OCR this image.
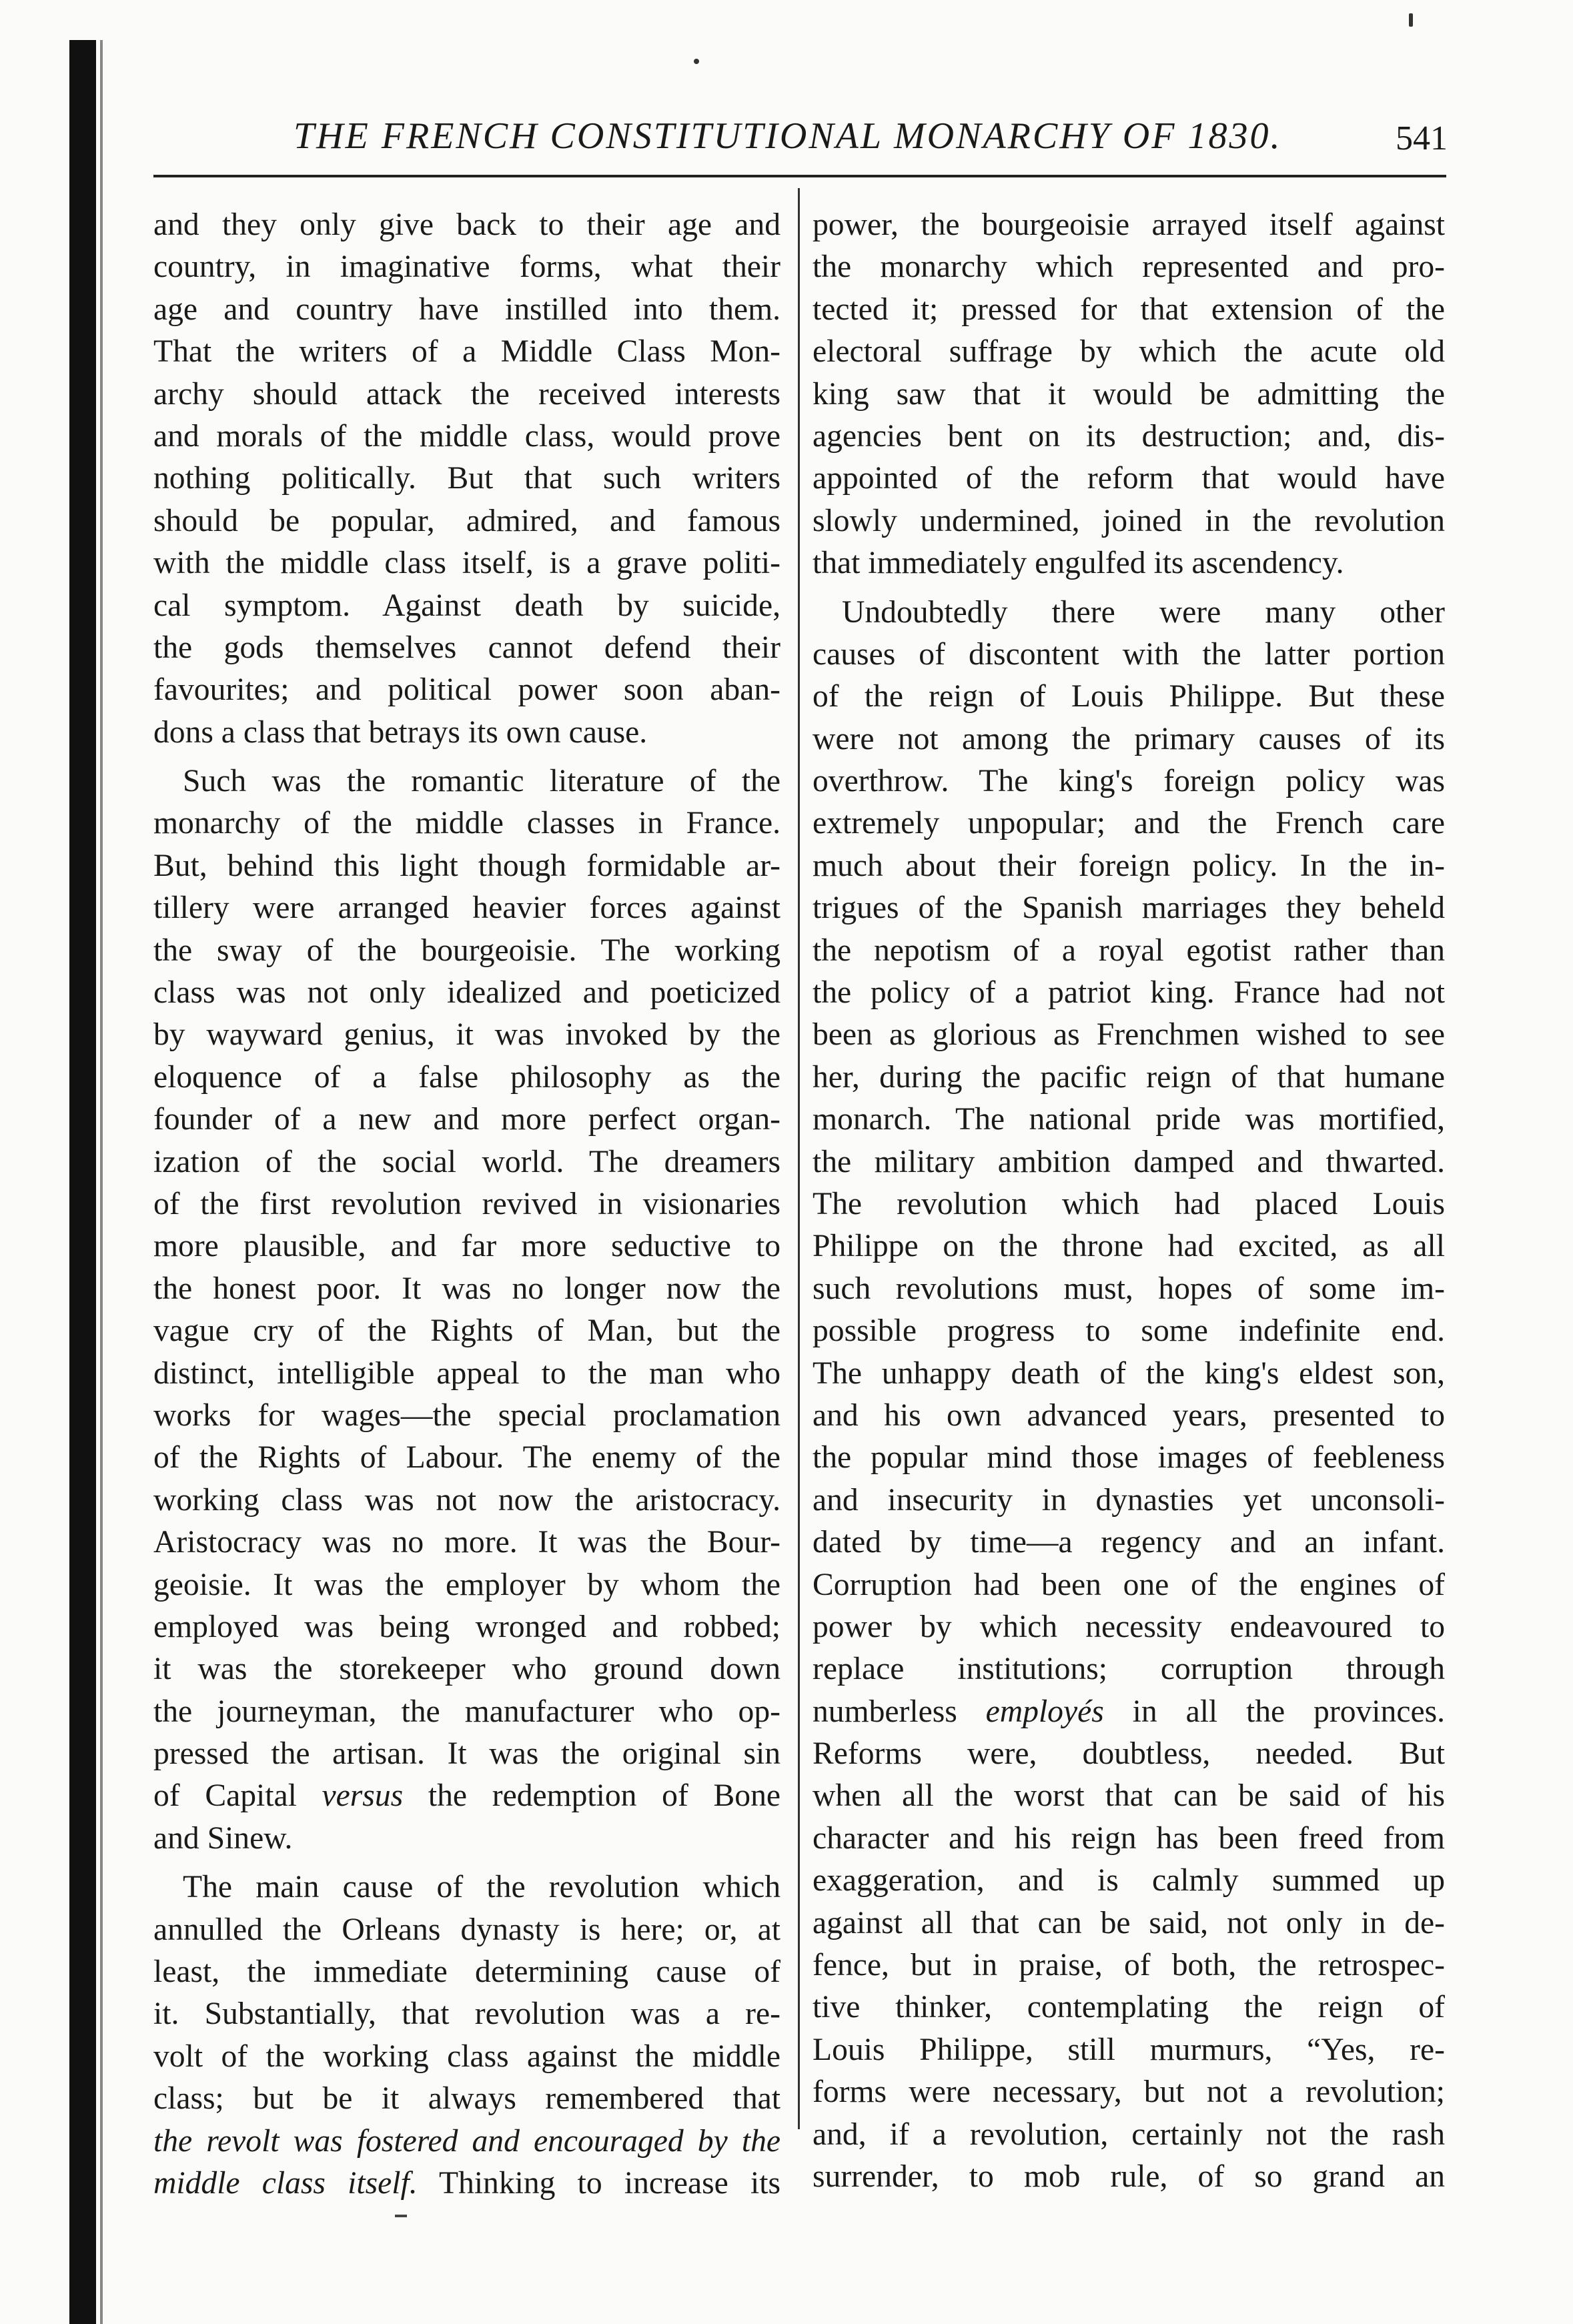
THE FRENCH CONSTITUTIONAL MONARCHY OF 1830.	541
and they only give back to their age and
country, in imaginative forms, what their
age and country have instilled into them.
That the writers of a Middle Class Mon-
archy should attack the received interests
and morals of the middle class, would prove
nothing politically. But that such writers
should be popular, admired, and famous
with the middle class itself, is a grave politi-
cal symptom. Against death by suicide,
the gods themselves cannot defend their
favourites; and political power soon aban-
dons a class that betrays its own cause.
Such was the romantic literature of the
monarchy of the middle classes in France.
But, behind this light though formidable ar-
tillery were arranged heavier forces against
the sway of the bourgeoisie. The working
class was not only idealized and poeticized
by wayward genius, it was invoked by the
eloquence of a false philosophy as the
founder of a new and more perfect organ-
ization of the social world. The dreamers
of the first revolution revived in visionaries
more plausible, and far more seductive to
the honest poor. It was no longer now the
vague cry of the Rights of Man, but the
distinct, intelligible appeal to the man who
works for wages—the special proclamation
of the Rights of Labour. The enemy of the
working class was not now the aristocracy.
Aristocracy was no more. It was the Bour-
geoisie. It was the employer by whom the
employed was being wronged and robbed;
it was the storekeeper who ground down
the journeyman, the manufacturer who op-
pressed the artisan. It was the original sin
of Capital versus the redemption of Bone
and Sinew.
The main cause of the revolution which
annulled the Orleans dynasty is here; or, at
least, the immediate determining cause of
it. Substantially, that revolution was a re-
volt of the working class against the middle
class; but be it always remembered that
the revolt was fostered and encouraged by the
middle class itself. Thinking to increase its
power, the bourgeoisie arrayed itself against
the monarchy which represented and pro-
tected it; pressed for that extension of the
electoral suffrage by which the acute old
king saw that it would be admitting the
agencies bent on its destruction; and, dis-
appointed of the reform that would have
slowly undermined, joined in the revolution
that immediately engulfed its ascendency.
Undoubtedly there were many other
causes of discontent with the latter portion
of the reign of Louis Philippe. But these
were not among the primary causes of its
overthrow. The king's foreign policy was
extremely unpopular; and the French care
much about their foreign policy. In the in-
trigues of the Spanish marriages they beheld
the nepotism of a royal egotist rather than
the policy of a patriot king. France had not
been as glorious as Frenchmen wished to see
her, during the pacific reign of that humane
monarch. The national pride was mortified,
the military ambition damped and thwarted.
The revolution which had placed Louis
Philippe on the throne had excited, as all
such revolutions must, hopes of some im-
possible progress to some indefinite end.
The unhappy death of the king's eldest son,
and his own advanced years, presented to
the popular mind those images of feebleness
and insecurity in dynasties yet unconsoli-
dated by time—a regency and an infant.
Corruption had been one of the engines of
power by which necessity endeavoured to
replace institutions; corruption through
numberless employés in all the provinces.
Reforms were, doubtless, needed. But
when all the worst that can be said of his
character and his reign has been freed from
exaggeration, and is calmly summed up
against all that can be said, not only in de-
fence, but in praise, of both, the retrospec-
tive thinker, contemplating the reign of
Louis Philippe, still murmurs, “Yes, re-
forms were necessary, but not a revolution;
and, if a revolution, certainly not the rash
surrender, to mob rule, of so grand an
